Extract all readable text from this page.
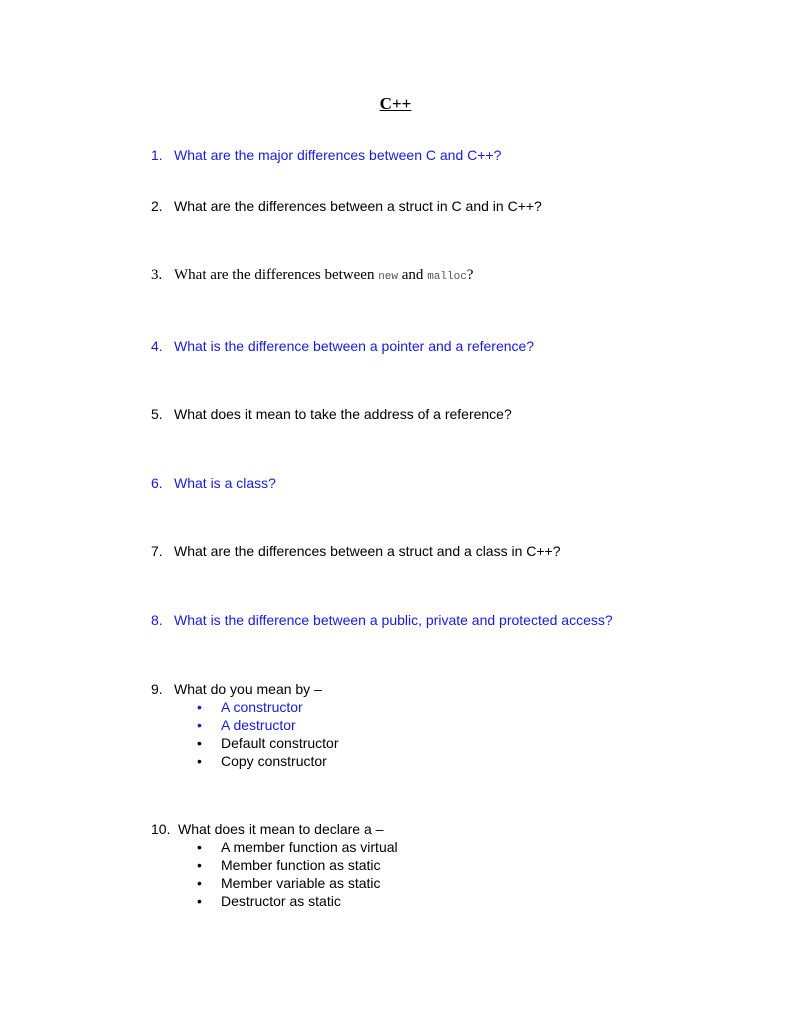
C++
1. What are the major differences between C and C++?
2. What are the differences between a struct in C and in C++?
3. What are the differences between new and malloc?
4. What is the difference between a pointer and a reference?
5. What does it mean to take the address of a reference?
6. What is a class?
7. What are the differences between a struct and a class in C++?
8. What is the difference between a public, private and protected access?
9. What do you mean by –
• A constructor
• A destructor
• Default constructor
• Copy constructor
10. What does it mean to declare a –
• A member function as virtual
• Member function as static
• Member variable as static
• Destructor as static
